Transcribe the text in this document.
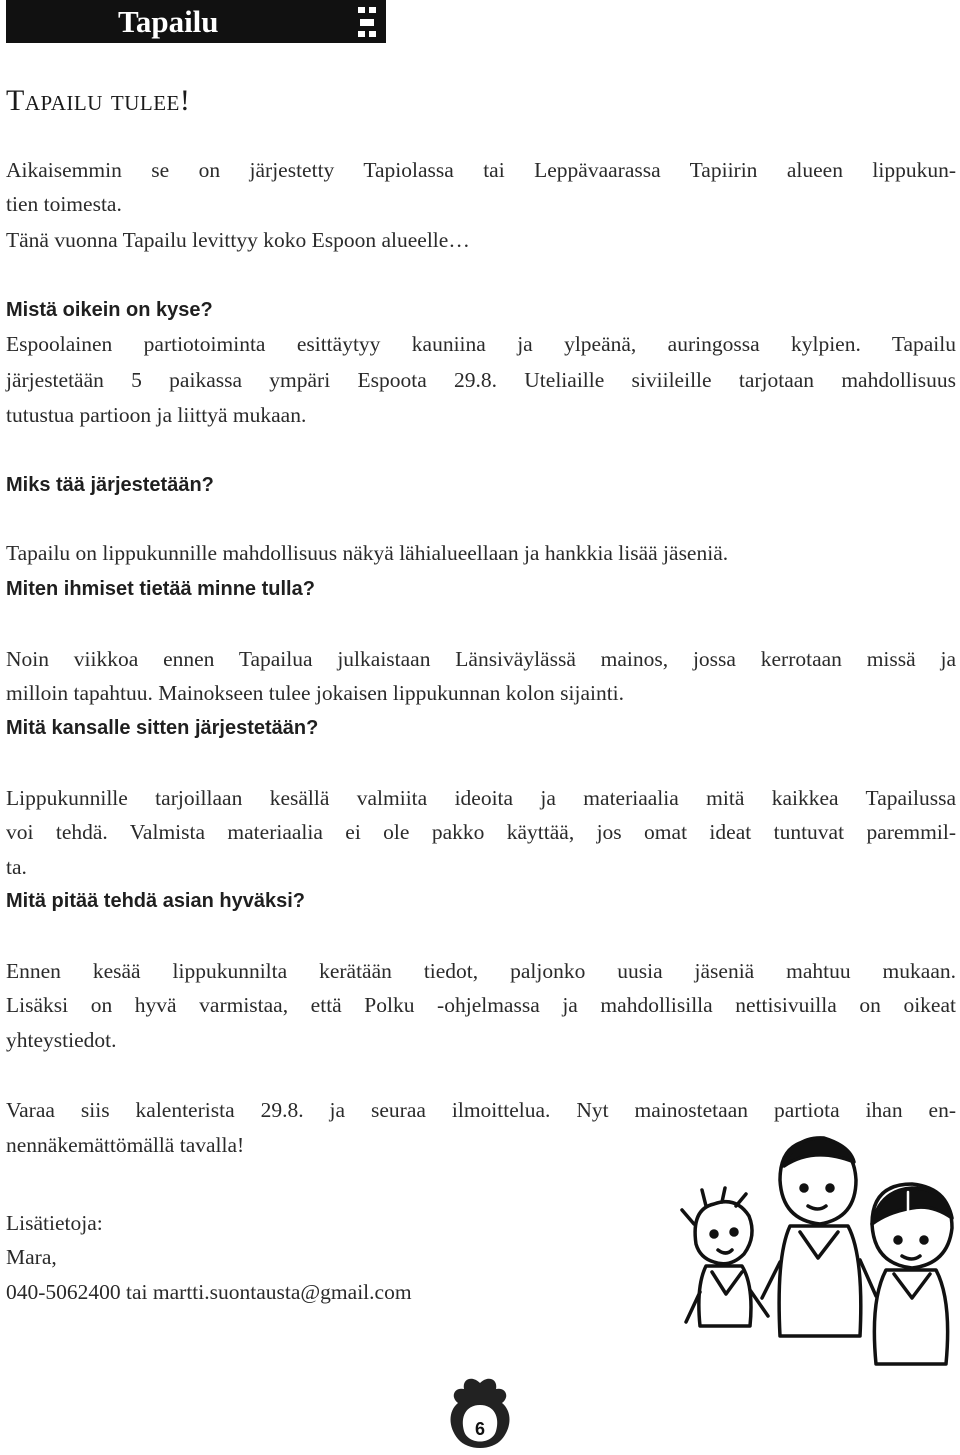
Tapailu
Tapailu tulee!
Aikaisemmin se on järjestetty Tapiolassa tai Leppävaarassa Tapiirin alueen lippukun-
tien toimesta.
Tänä vuonna Tapailu levittyy koko Espoon alueelle…
Mistä oikein on kyse?
Espoolainen partiotoiminta esittäytyy kauniina ja ylpeänä, auringossa kylpien. Tapailu
järjestetään 5 paikassa ympäri Espoota 29.8. Uteliaille siviileille tarjotaan mahdollisuus
tutustua partioon ja liittyä mukaan.
Miks tää järjestetään?
Tapailu on lippukunnille mahdollisuus näkyä lähialueellaan ja hankkia lisää jäseniä.
Miten ihmiset tietää minne tulla?
Noin viikkoa ennen Tapailua julkaistaan Länsiväylässä mainos, jossa kerrotaan missä ja
milloin tapahtuu. Mainokseen tulee jokaisen lippukunnan kolon sijainti.
Mitä kansalle sitten järjestetään?
Lippukunnille tarjoillaan kesällä valmiita ideoita ja materiaalia mitä kaikkea Tapailussa
voi tehdä. Valmista materiaalia ei ole pakko käyttää, jos omat ideat tuntuvat paremmil-
ta.
Mitä pitää tehdä asian hyväksi?
Ennen kesää lippukunnilta kerätään tiedot, paljonko uusia jäseniä mahtuu mukaan.
Lisäksi on hyvä varmistaa, että Polku -ohjelmassa ja mahdollisilla nettisivuilla on oikeat
yhteystiedot.
Varaa siis kalenterista 29.8. ja seuraa ilmoittelua. Nyt mainostetaan partiota ihan en-
nennäkemättömällä tavalla!
Lisätietoja:
Mara,
040-5062400 tai martti.suontausta@gmail.com
6
